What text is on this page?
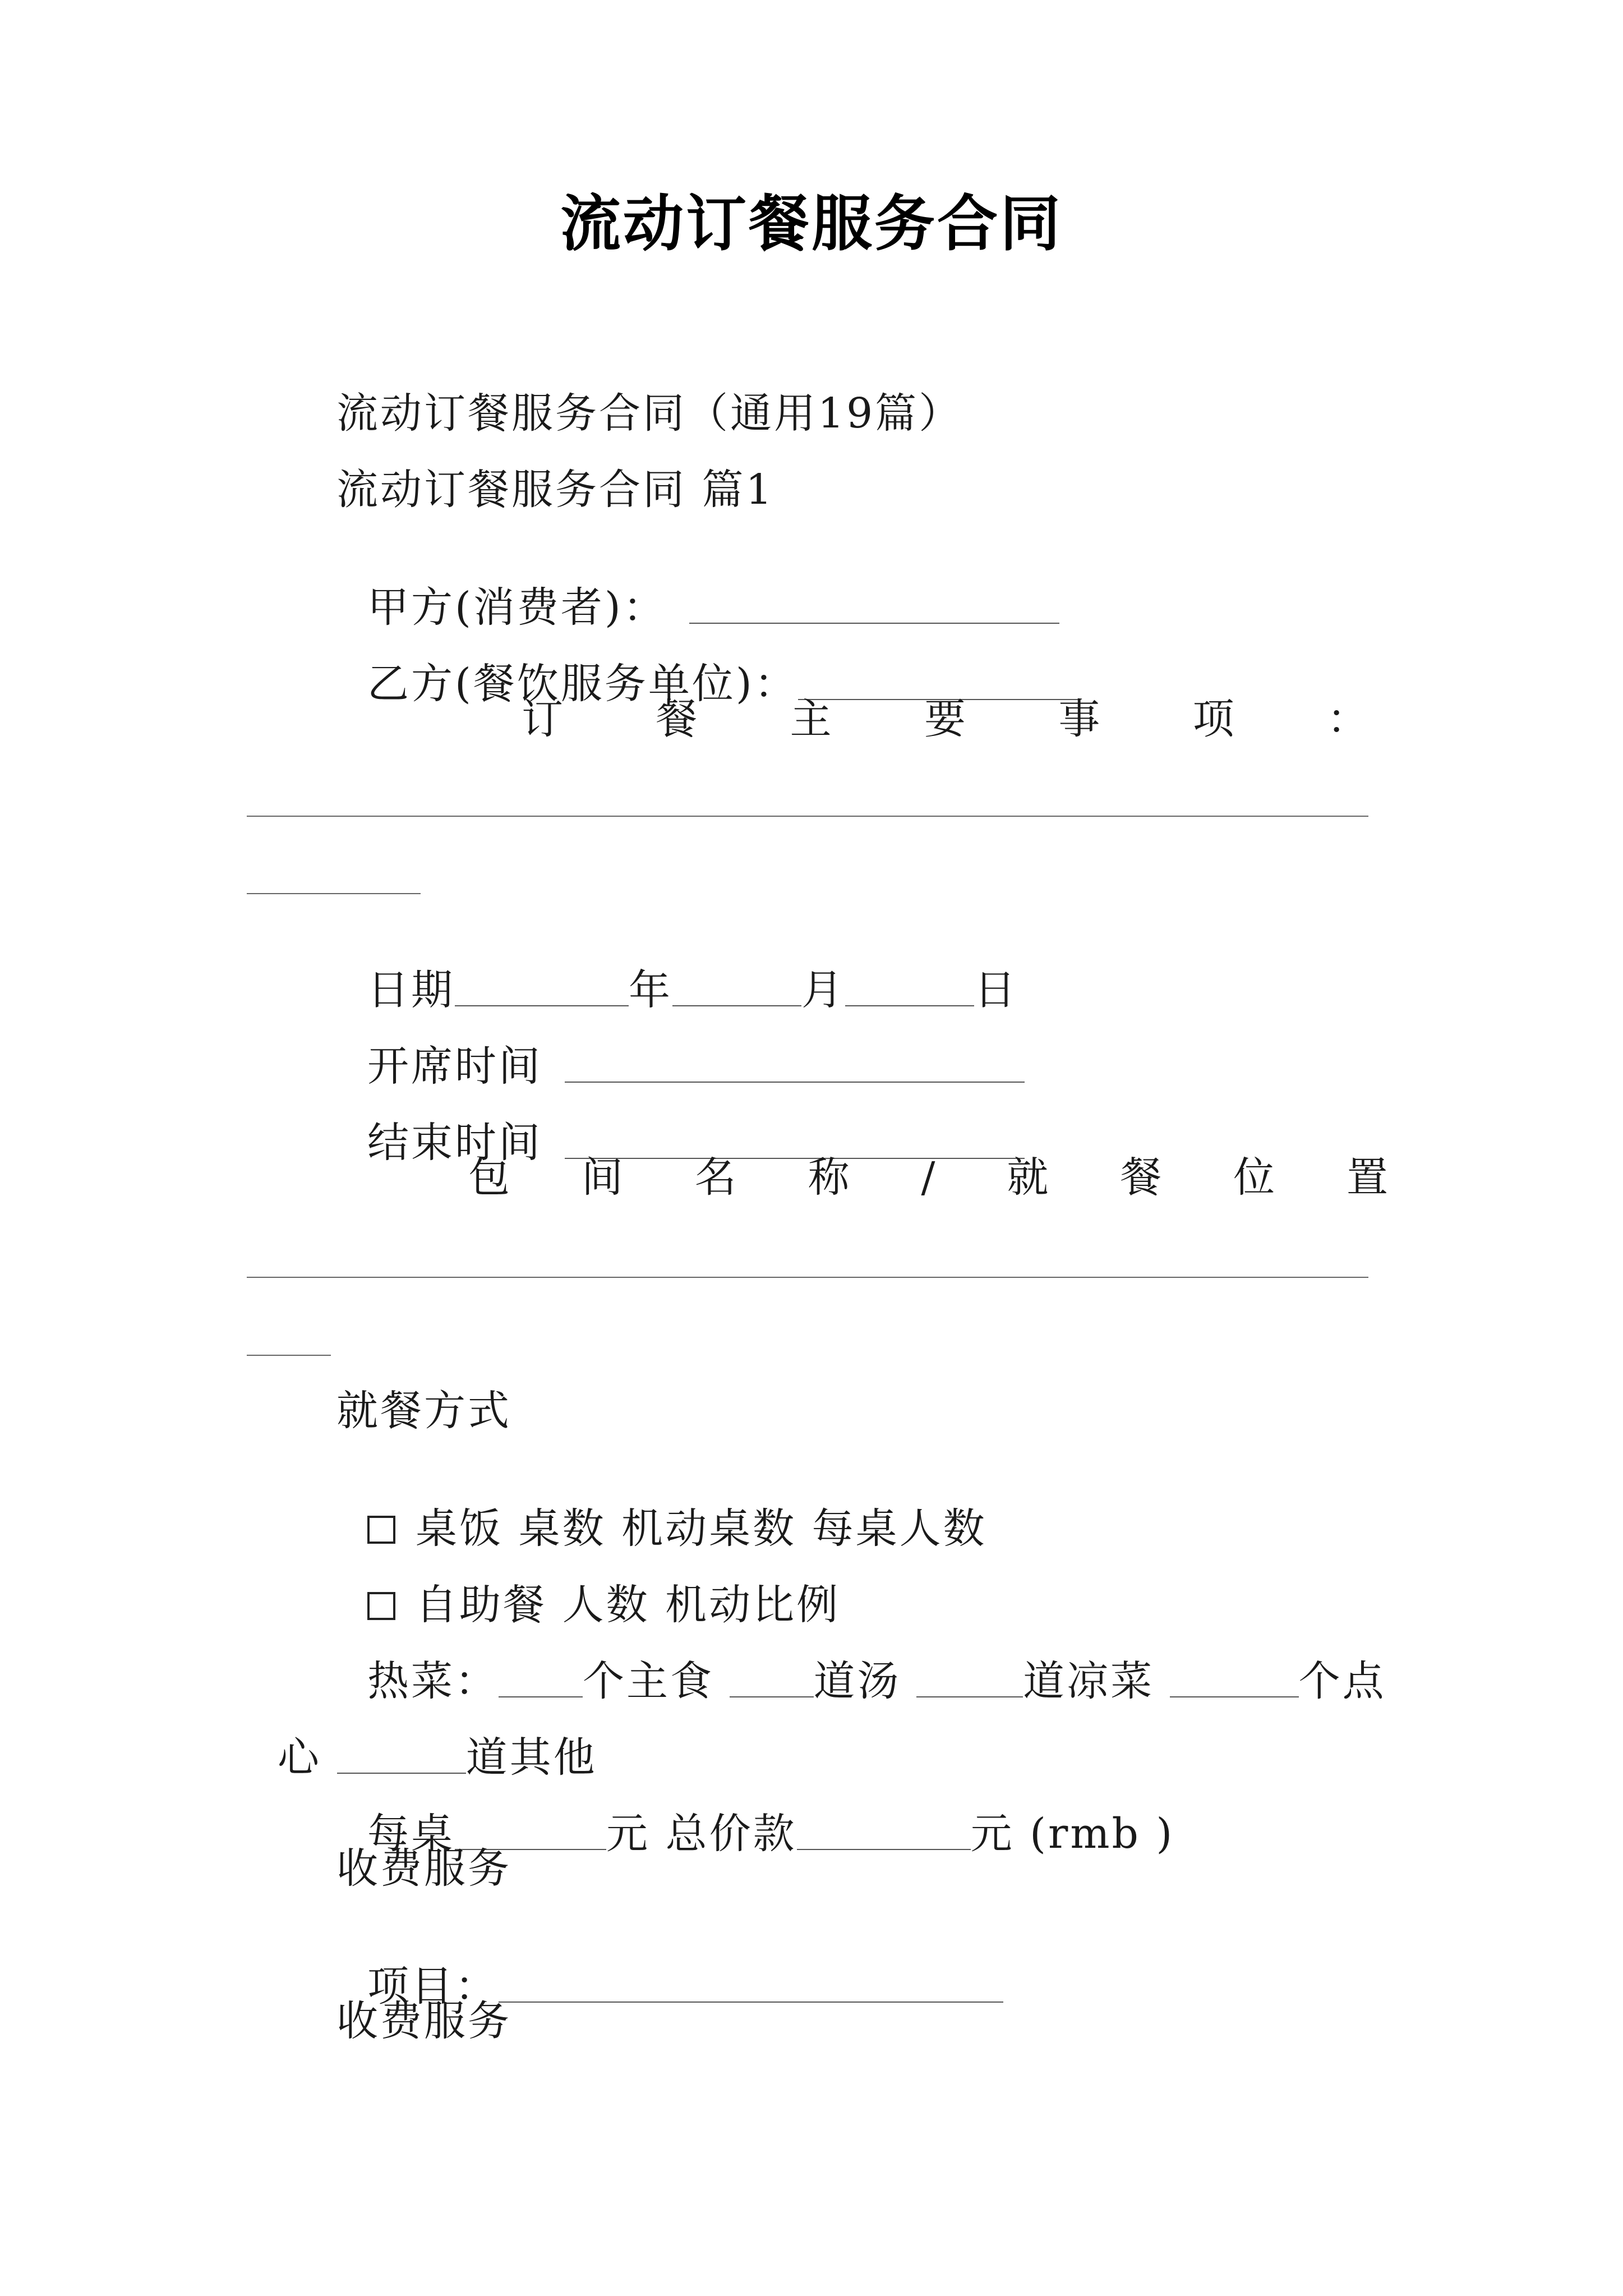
流动订餐服务合同
流动订餐服务合同（通用19篇）
流动订餐服务合同 篇1

甲方(消费者)：

乙方(餐饮服务单位)：

订 餐 主 要 事 项 ：

日期	年	月	日

开席时间

结束时间

包 间 名 称 / 就 餐 位 置
就餐方式

桌饭 桌数 机动桌数 每桌人数

自助餐 人数 机动比例

热菜： 个主食 道汤	道凉菜	个点

心	道其他

每桌	元 总价款	元 (rmb )

收费服务

项目：

收费服务
